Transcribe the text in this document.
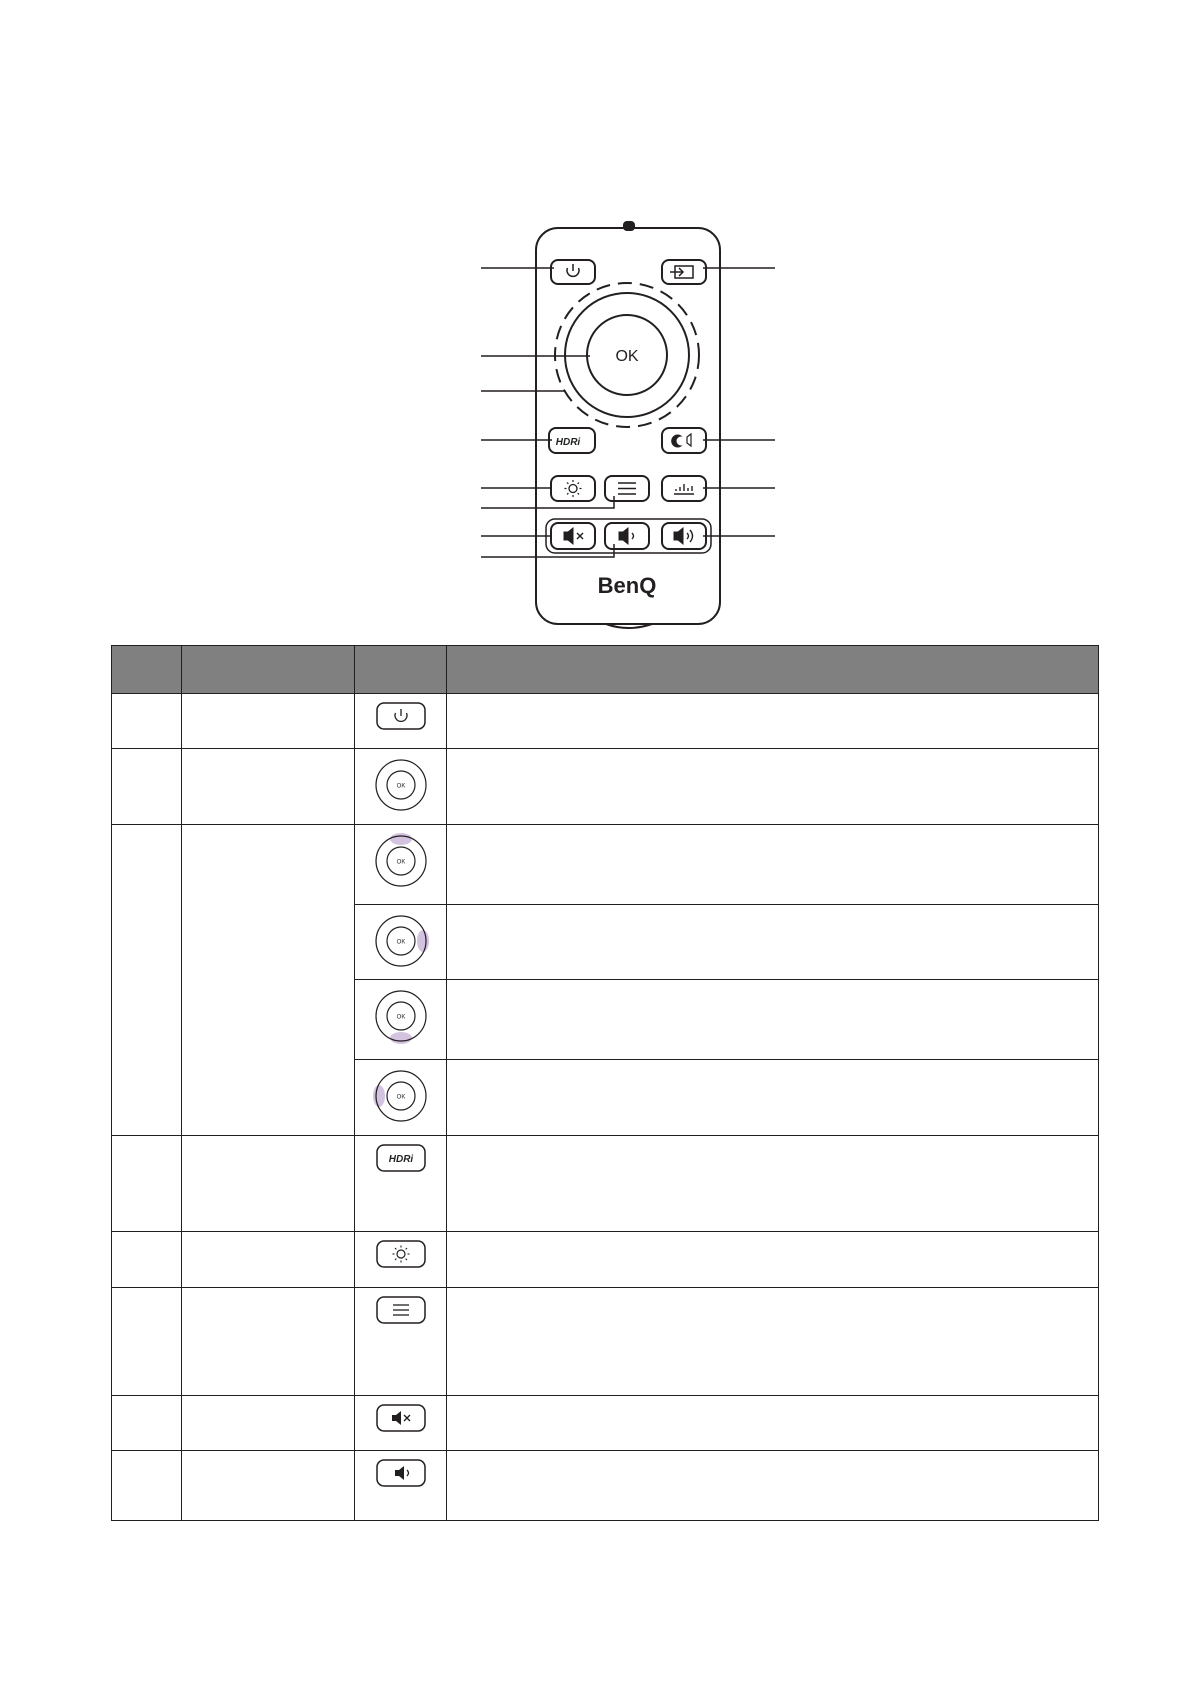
OK
HDRi
BenQ

OK	

OK	

OK	

OK	

OK	

HDRi	
